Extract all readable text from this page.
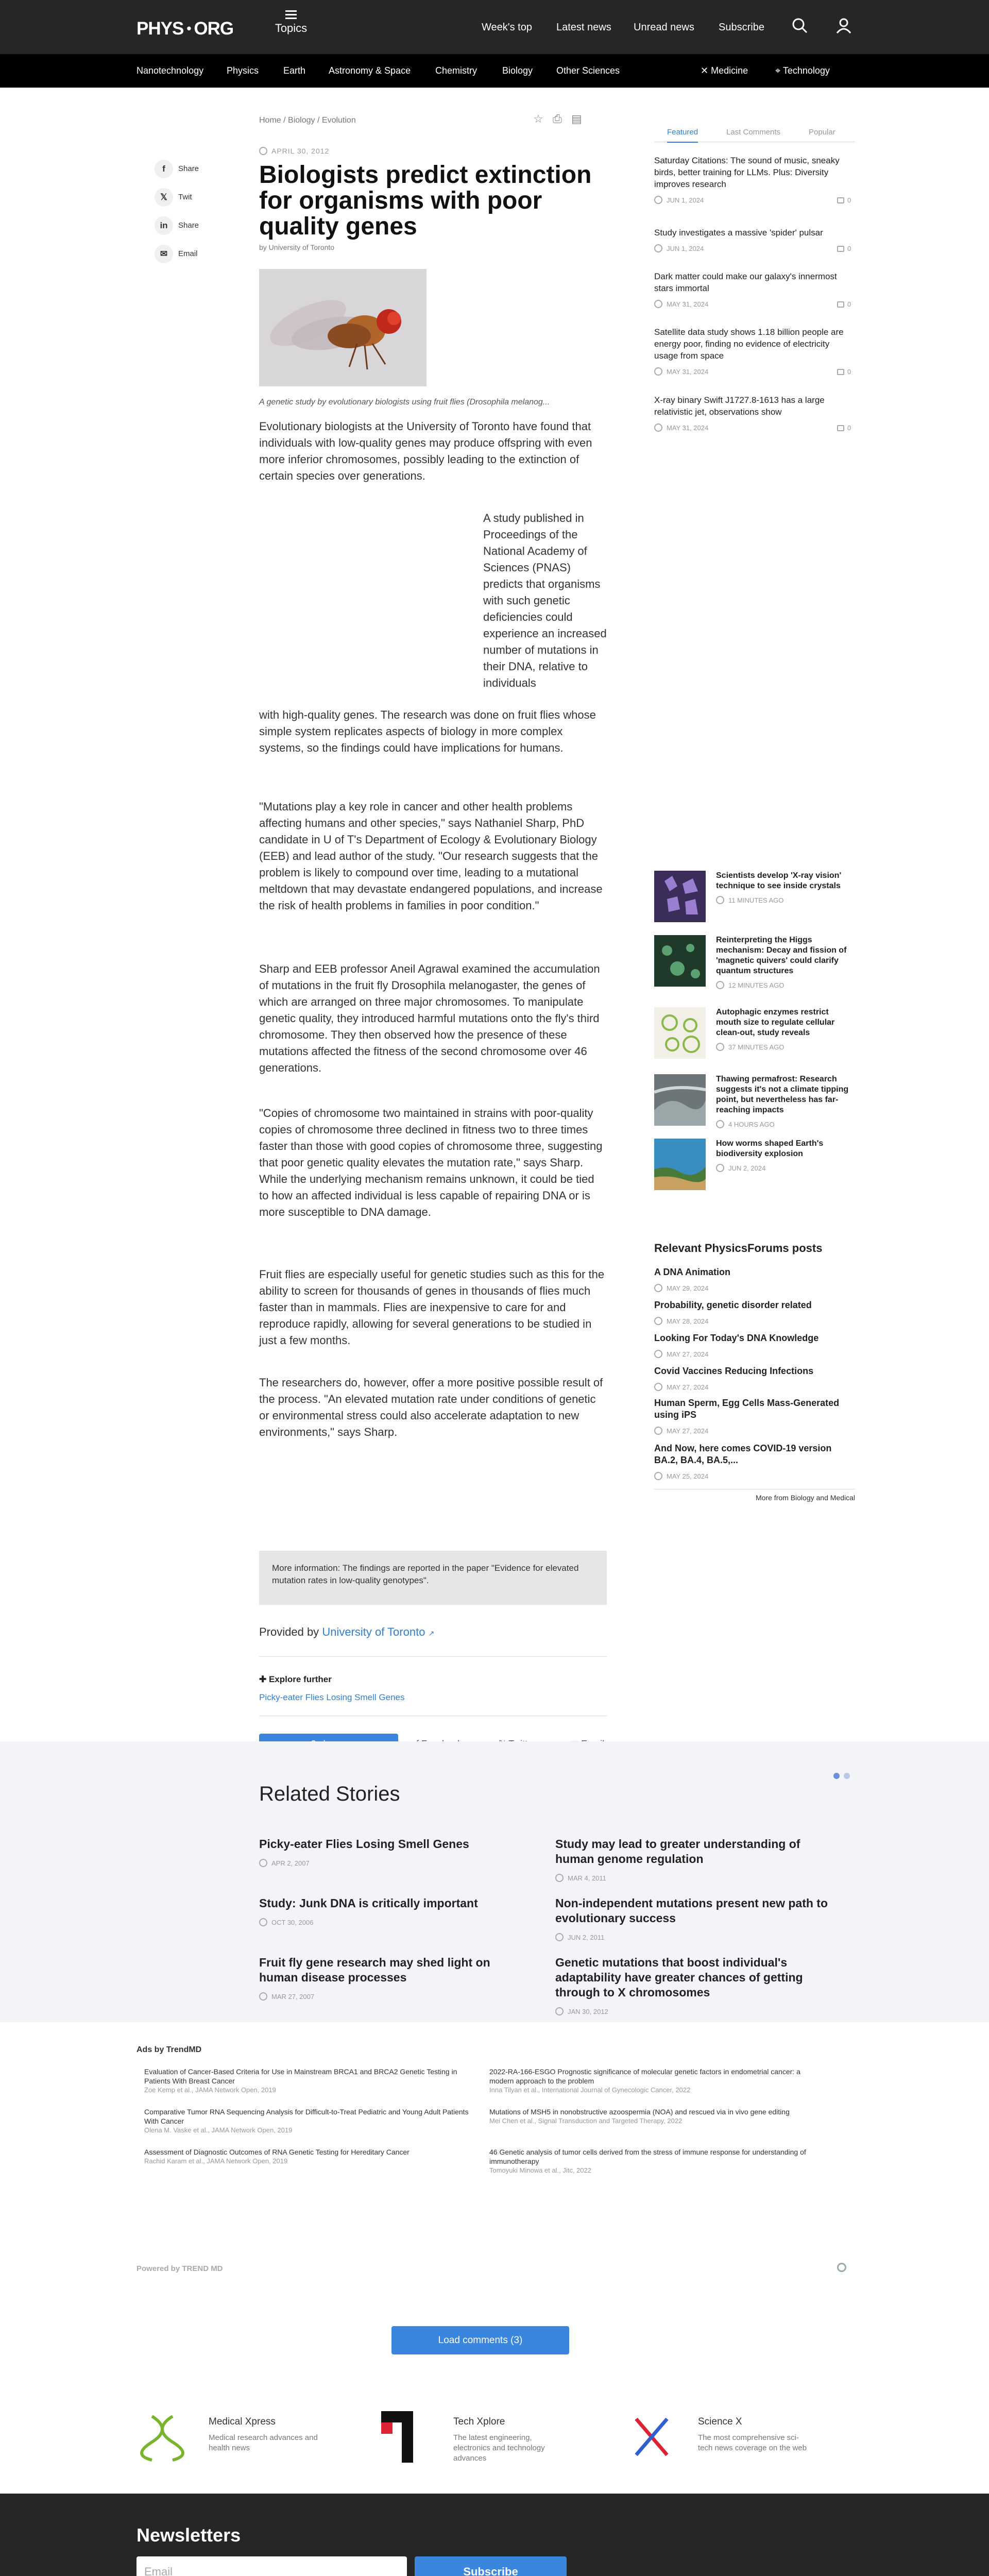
PHYS • ORG	Topics	Week's top Latest news Unread news Subscribe
Nanotechnology Physics	Earth Astronomy & Space	Chemistry	Biology	Other Sciences	✕ Medicine	⌖ Technology
f Share
𝕏 Twit
in Share
✉ Email
Home / Biology / Evolution	☆ ⎙ ▤
APRIL 30, 2012
Biologists predict extinction for organisms with poor quality genes
by University of Toronto
A genetic study by evolutionary biologists using fruit flies (Drosophila melanog...

Evolutionary biologists at the University of Toronto have found that individuals with low-quality genes may produce offspring with even more inferior chromosomes, possibly leading to the extinction of certain species over generations.

A study published in Proceedings of the National Academy of Sciences (PNAS) predicts that organisms with such genetic deficiencies could experience an increased number of mutations in their DNA, relative to individuals

with high-quality genes. The research was done on fruit flies whose simple system replicates aspects of biology in more complex systems, so the findings could have implications for humans.

"Mutations play a key role in cancer and other health problems affecting humans and other species," says Nathaniel Sharp, PhD candidate in U of T's Department of Ecology & Evolutionary Biology (EEB) and lead author of the study. "Our research suggests that the problem is likely to compound over time, leading to a mutational meltdown that may devastate endangered populations, and increase the risk of health problems in families in poor condition."

Sharp and EEB professor Aneil Agrawal examined the accumulation of mutations in the fruit fly Drosophila melanogaster, the genes of which are arranged on three major chromosomes. To manipulate genetic quality, they introduced harmful mutations onto the fly's third chromosome. They then observed how the presence of these mutations affected the fitness of the second chromosome over 46 generations.

"Copies of chromosome two maintained in strains with poor-quality copies of chromosome three declined in fitness two to three times faster than those with good copies of chromosome three, suggesting that poor genetic quality elevates the mutation rate," says Sharp. While the underlying mechanism remains unknown, it could be tied to how an affected individual is less capable of repairing DNA or is more susceptible to DNA damage.

Fruit flies are especially useful for genetic studies such as this for the ability to screen for thousands of genes in thousands of flies much faster than in mammals. Flies are inexpensive to care for and reproduce rapidly, allowing for several generations to be studied in just a few months.

The researchers do, however, offer a more positive possible result of the process. "An elevated mutation rate under conditions of genetic or environmental stress could also accelerate adaptation to new environments," says Sharp.

More information: The findings are reported in the paper "Evidence for elevated mutation rates in low-quality genotypes".
Provided by University of Toronto ↗
✚ Explore further
Picky-eater Flies Losing Smell Genes
Featured	Last Comments	Popular
Saturday Citations: The sound of music, sneaky birds, better training for LLMs. Plus: Diversity improves research
JUN 1, 2024	0
Study investigates a massive 'spider' pulsar
JUN 1, 2024	0
Dark matter could make our galaxy's innermost stars immortal
MAY 31, 2024	0
Satellite data study shows 1.18 billion people are energy poor, finding no evidence of electricity usage from space
MAY 31, 2024	0
X-ray binary Swift J1727.8-1613 has a large relativistic jet, observations show
MAY 31, 2024	0
Scientists develop 'X-ray vision' technique to see inside crystals
11 MINUTES AGO
Reinterpreting the Higgs mechanism: Decay and fission of 'magnetic quivers' could clarify quantum structures
12 MINUTES AGO
Autophagic enzymes restrict mouth size to regulate cellular clean-out, study reveals
37 MINUTES AGO
Thawing permafrost: Research suggests it's not a climate tipping point, but nevertheless has far-reaching impacts
4 HOURS AGO
How worms shaped Earth's biodiversity explosion
JUN 2, 2024
Relevant PhysicsForums posts
A DNA Animation
MAY 29, 2024
Probability, genetic disorder related
MAY 28, 2024
Looking For Today's DNA Knowledge
MAY 27, 2024
Covid Vaccines Reducing Infections
MAY 27, 2024
Human Sperm, Egg Cells Mass-Generated using iPS
MAY 27, 2024
And Now, here comes COVID-19 version BA.2, BA.4, BA.5,...
MAY 25, 2024
More from Biology and Medical
Related Stories
Picky-eater Flies Losing Smell Genes
APR 2, 2007
Study may lead to greater understanding of human genome regulation
MAR 4, 2011
Study: Junk DNA is critically important
OCT 30, 2006
Non-independent mutations present new path to evolutionary success
JUN 2, 2011
Fruit fly gene research may shed light on human disease processes
MAR 27, 2007
Genetic mutations that boost individual's adaptability have greater chances of getting through to X chromosomes
JAN 30, 2012
Ads by TrendMD
Evaluation of Cancer-Based Criteria for Use in Mainstream BRCA1 and BRCA2 Genetic Testing in Patients With Breast Cancer
Zoe Kemp et al., JAMA Network Open, 2019
2022-RA-166-ESGO Prognostic significance of molecular genetic factors in endometrial cancer: a modern approach to the problem
Inna Tilyan et al., International Journal of Gynecologic Cancer, 2022
Comparative Tumor RNA Sequencing Analysis for Difficult-to-Treat Pediatric and Young Adult Patients With Cancer
Olena M. Vaske et al., JAMA Network Open, 2019
Mutations of MSH5 in nonobstructive azoospermia (NOA) and rescued via in vivo gene editing
Mei Chen et al., Signal Transduction and Targeted Therapy, 2022
Assessment of Diagnostic Outcomes of RNA Genetic Testing for Hereditary Cancer
Rachid Karam et al., JAMA Network Open, 2019
46 Genetic analysis of tumor cells derived from the stress of immune response for understanding of immunotherapy
Tomoyuki Minowa et al., Jitc, 2022
Powered by TREND MD
Load comments (3)
Medical Xpress
Medical research advances and health news
Tech Xplore
The latest engineering, electronics and technology advances
Science X
The most comprehensive sci-tech news coverage on the web
Newsletters
Email	Subscribe
